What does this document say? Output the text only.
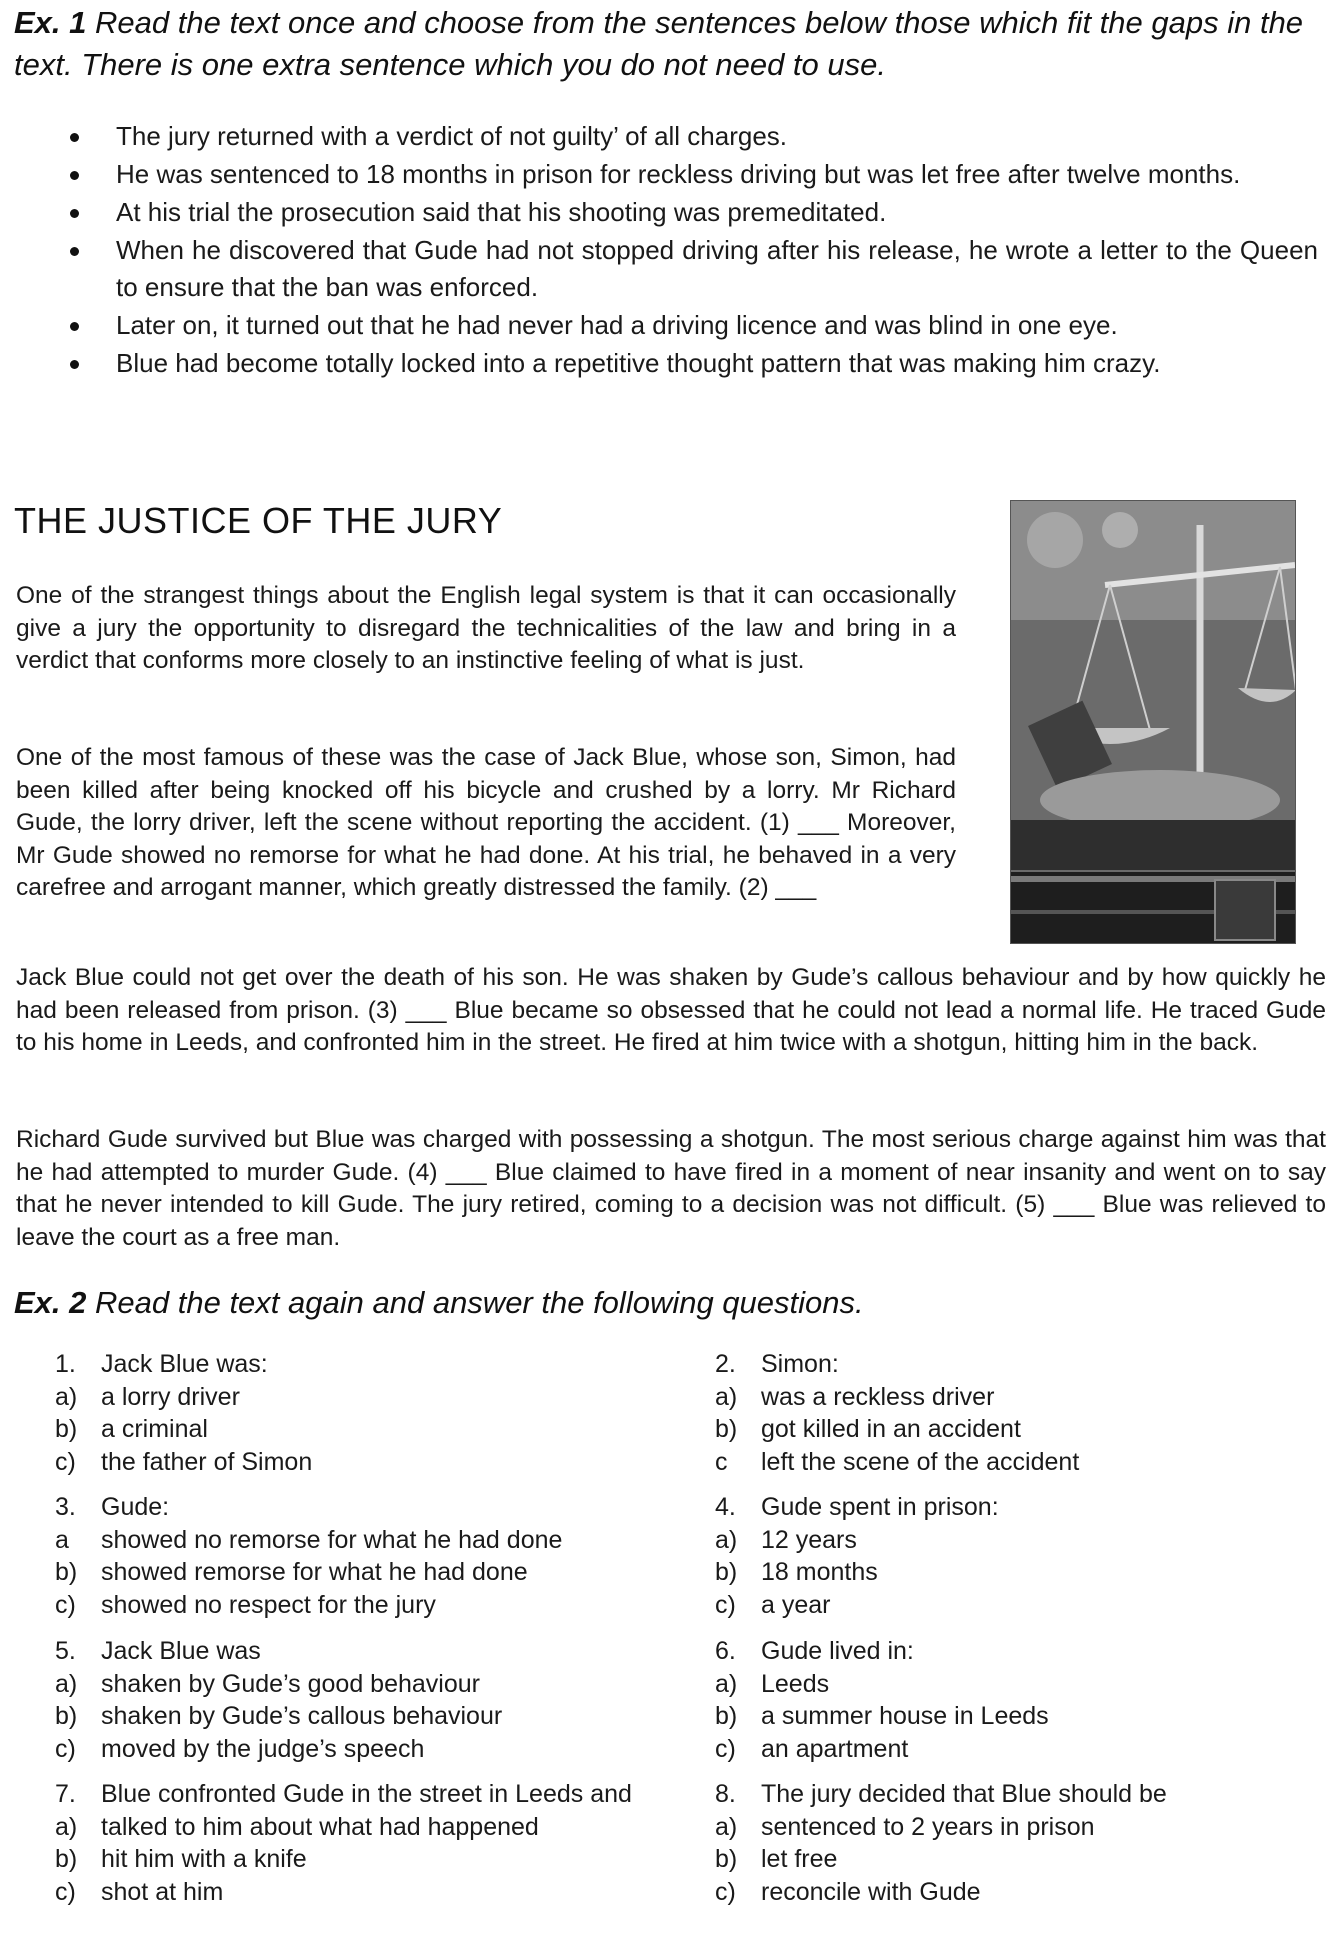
Ex. 1 Read the text once and choose from the sentences below those which fit the gaps in the text. There is one extra sentence which you do not need to use.
The jury returned with a verdict of not guilty’ of all charges.
He was sentenced to 18 months in prison for reckless driving but was let free after twelve months.
At his trial the prosecution said that his shooting was premeditated.
When he discovered that Gude had not stopped driving after his release, he wrote a letter to the Queen to ensure that the ban was enforced.
Later on, it turned out that he had never had a driving licence and was blind in one eye.
Blue had become totally locked into a repetitive thought pattern that was making him crazy.
THE JUSTICE OF THE JURY

One of the strangest things about the English legal system is that it can occasionally give a jury the opportunity to disregard the technicalities of the law and bring in a verdict that conforms more closely to an instinctive feeling of what is just.

One of the most famous of these was the case of Jack Blue, whose son, Simon, had been killed after being knocked off his bicycle and crushed by a lorry. Mr Richard Gude, the lorry driver, left the scene without reporting the accident. (1) ___ Moreover, Mr Gude showed no remorse for what he had done. At his trial, he behaved in a very carefree and arrogant manner, which greatly distressed the family. (2) ___

Jack Blue could not get over the death of his son. He was shaken by Gude’s callous behaviour and by how quickly he had been released from prison. (3) ___ Blue became so obsessed that he could not lead a normal life. He traced Gude to his home in Leeds, and confronted him in the street. He fired at him twice with a shotgun, hitting him in the back.

Richard Gude survived but Blue was charged with possessing a shotgun. The most serious charge against him was that he had attempted to murder Gude. (4) ___ Blue claimed to have fired in a moment of near insanity and went on to say that he never intended to kill Gude. The jury retired, coming to a decision was not difficult. (5) ___ Blue was relieved to leave the court as a free man.

Ex. 2 Read the text again and answer the following questions.
1.	Jack Blue was:
a) a lorry driver
b) a criminal
c)	the father of Simon
2.	Simon:
a) was a reckless driver
b) got killed in an accident
c	left the scene of the accident
3.	Gude:
a	showed no remorse for what he had done
b) showed remorse for what he had done
c)	showed no respect for the jury
4.	Gude spent in prison:
a) 12 years
b) 18 months
c)	a year
5.	Jack Blue was
a) shaken by Gude’s good behaviour
b) shaken by Gude’s callous behaviour
c)	moved by the judge’s speech
6.	Gude lived in:
a) Leeds
b) a summer house in Leeds
c)	an apartment
7.	Blue confronted Gude in the street in Leeds and
a) talked to him about what had happened
b) hit him with a knife
c)	shot at him
8.	The jury decided that Blue should be
a) sentenced to 2 years in prison
b) let free
c)	reconcile with Gude
